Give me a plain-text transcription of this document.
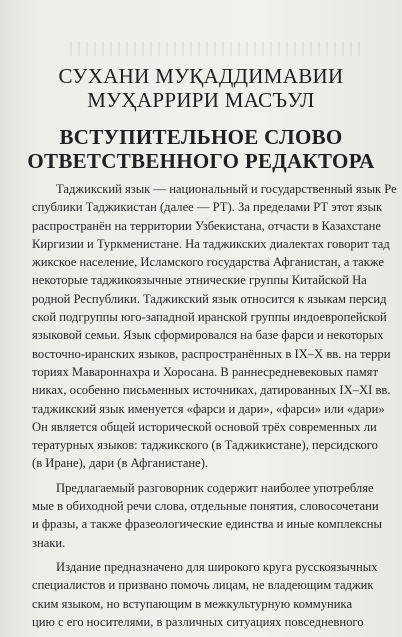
СУХАНИ МУҚАДДИМАВИИ
МУҲАРРИРИ МАСЪУЛ
ВСТУПИТЕЛЬНОЕ СЛОВО
ОТВЕТСТВЕННОГО РЕДАКТОРА

Таджикский язык — национальный и государственный язык Ре
спублики Таджикистан (далее — РТ). За пределами РТ этот язык
распространён на территории Узбекистана, отчасти в Казахстане
Киргизии и Туркменистане. На таджикских диалектах говорит тад
жикское население, Исламского государства Афганистан, а также
некоторые таджикоязычные этнические группы Китайской На
родной Республики. Таджикский язык относится к языкам персид
ской подгруппы юго-западной иранской группы индоевропейской
языковой семьи. Язык сформировался на базе фарси и некоторых
восточно-иранских языков, распространённых в IX–X вв. на терри
ториях Мавароннахра и Хоросана. В раннесредневековых памят
никах, особенно письменных источниках, датированных IX–XI вв.
таджикский язык именуется «фарси и дари», «фарси» или «дари»
Он является общей исторической основой трёх современных ли
тературных языков: таджикского (в Таджикистане), персидского
(в Иране), дари (в Афганистане).

Предлагаемый разговорник содержит наиболее употребляе
мые в обиходной речи слова, отдельные понятия, словосочетани
и фразы, а также фразеологические единства и иные комплексны
знаки.

Издание предназначено для широкого круга русскоязычных
специалистов и призвано помочь лицам, не владеющим таджик
ским языком, но вступающим в межкультурную коммуника
цию с его носителями, в различных ситуациях повседневного
